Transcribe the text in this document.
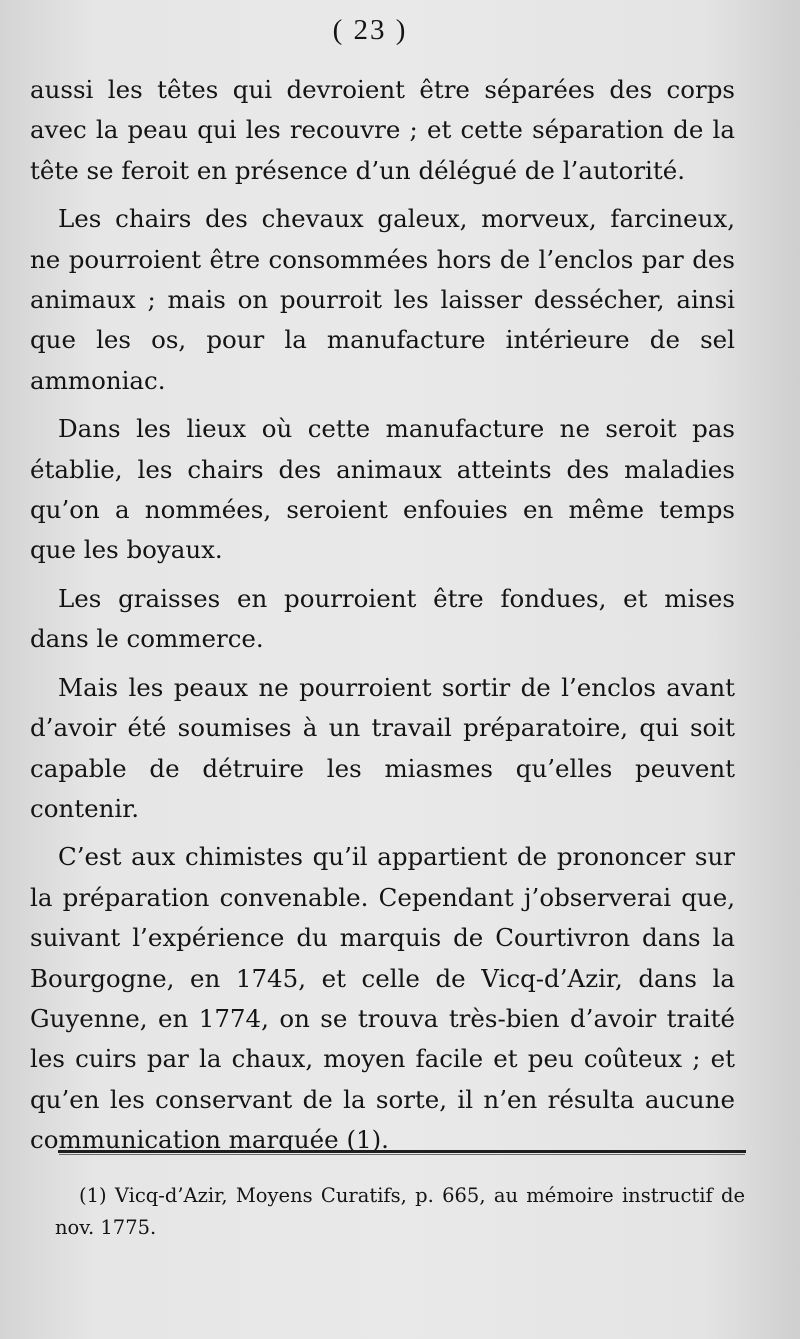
( 23 )

aussi les têtes qui devroient être séparées des corps avec la peau qui les recouvre ; et cette séparation de la tête se feroit en présence d’un délégué de l’autorité.

Les chairs des chevaux galeux, morveux, farcineux, ne pourroient être consommées hors de l’enclos par des animaux ; mais on pourroit les laisser dessécher, ainsi que les os, pour la manufacture intérieure de sel ammoniac.

Dans les lieux où cette manufacture ne seroit pas établie, les chairs des animaux atteints des maladies qu’on a nommées, seroient enfouies en même temps que les boyaux.

Les graisses en pourroient être fondues, et mises dans le commerce.

Mais les peaux ne pourroient sortir de l’enclos avant d’avoir été soumises à un travail préparatoire, qui soit capable de détruire les miasmes qu’elles peuvent contenir.

C’est aux chimistes qu’il appartient de prononcer sur la préparation convenable. Cependant j’observerai que, suivant l’expérience du marquis de Courtivron dans la Bourgogne, en 1745, et celle de Vicq-d’Azir, dans la Guyenne, en 1774, on se trouva très-bien d’avoir traité les cuirs par la chaux, moyen facile et peu coûteux ; et qu’en les conservant de la sorte, il n’en résulta aucune communication marquée (1).

(1) Vicq-d’Azir, Moyens Curatifs, p. 665, au mémoire instructif de nov. 1775.
